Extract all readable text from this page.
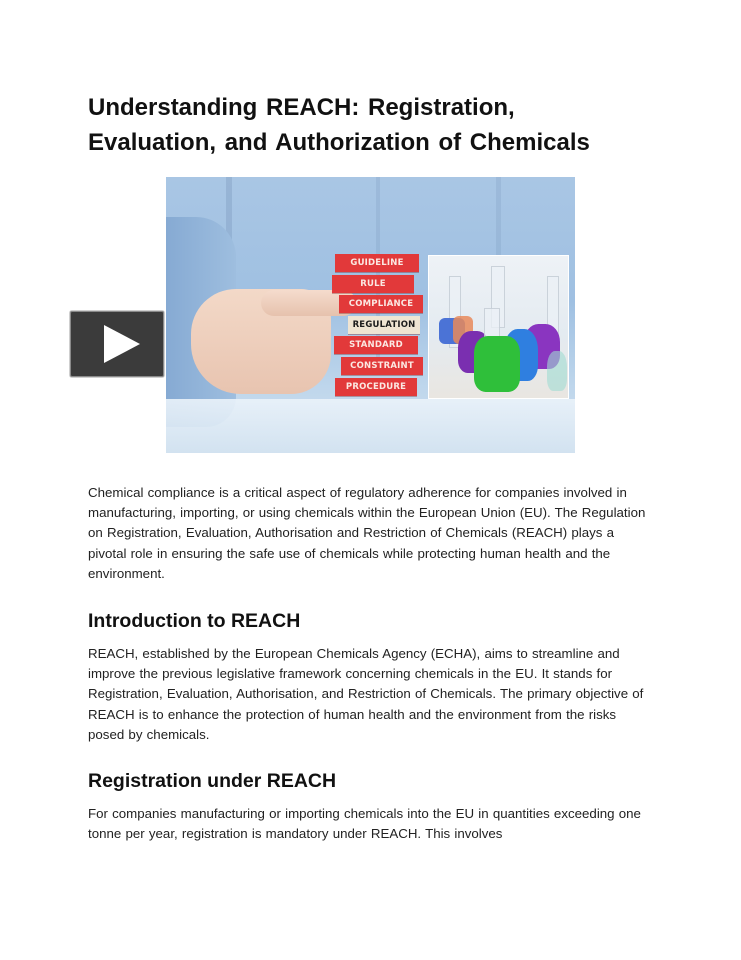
Understanding REACH: Registration, Evaluation, and Authorization of Chemicals
GUIDELINE
RULE
COMPLIANCE
REGULATION
STANDARD
CONSTRAINT
PROCEDURE

Chemical compliance is a critical aspect of regulatory adherence for companies involved in manufacturing, importing, or using chemicals within the European Union (EU). The Regulation on Registration, Evaluation, Authorisation and Restriction of Chemicals (REACH) plays a pivotal role in ensuring the safe use of chemicals while protecting human health and the environment.

Introduction to REACH

REACH, established by the European Chemicals Agency (ECHA), aims to streamline and improve the previous legislative framework concerning chemicals in the EU. It stands for Registration, Evaluation, Authorisation, and Restriction of Chemicals. The primary objective of REACH is to enhance the protection of human health and the environment from the risks posed by chemicals.

Registration under REACH

For companies manufacturing or importing chemicals into the EU in quantities exceeding one tonne per year, registration is mandatory under REACH. This involves
